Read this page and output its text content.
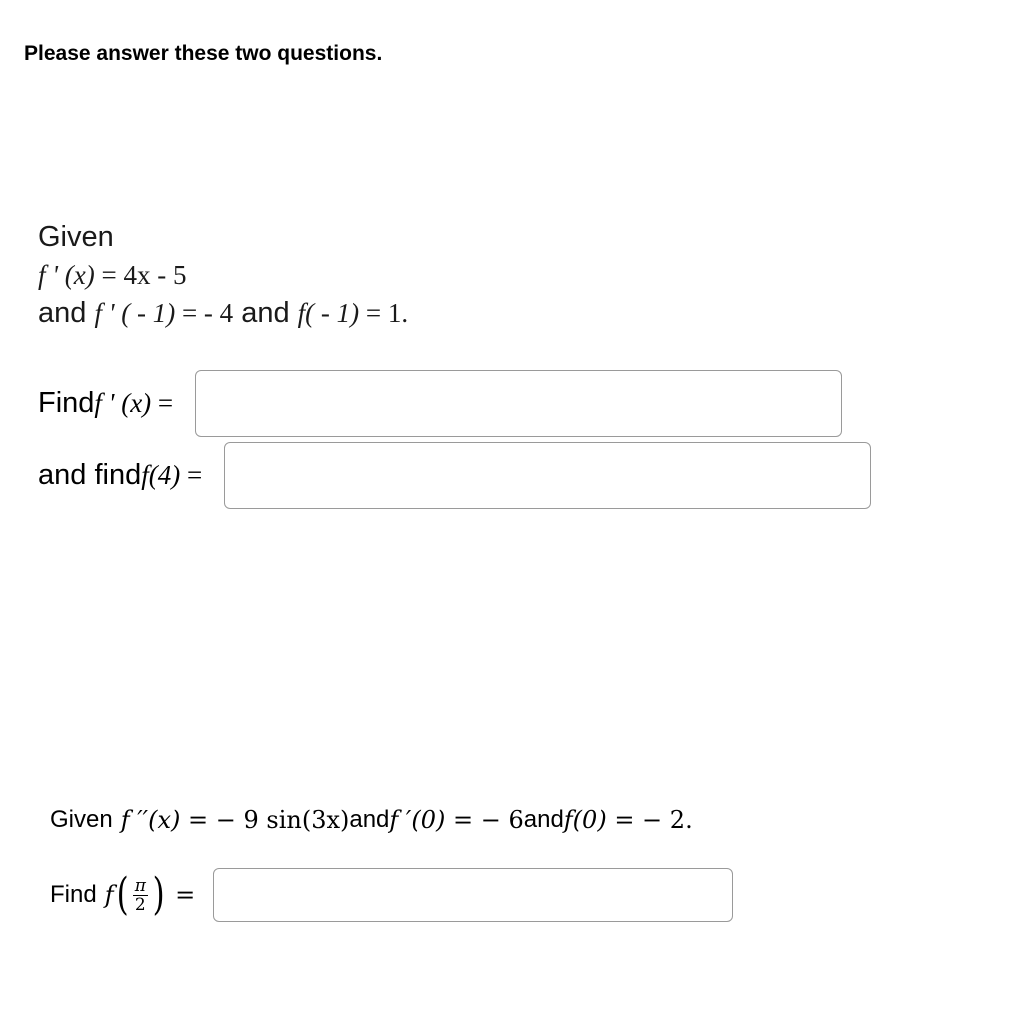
Please answer these two questions.
Given
f ' (x) = 4x - 5
and f ' ( - 1) = - 4 and f( - 1) = 1.
Find f ' (x) =
and find f(4) =
Given f ′′(x) = − 9 sin(3x) and f ′(0) = − 6 and f(0) = − 2.
Find f ( $\frac{\pi}{2}$ ) =
